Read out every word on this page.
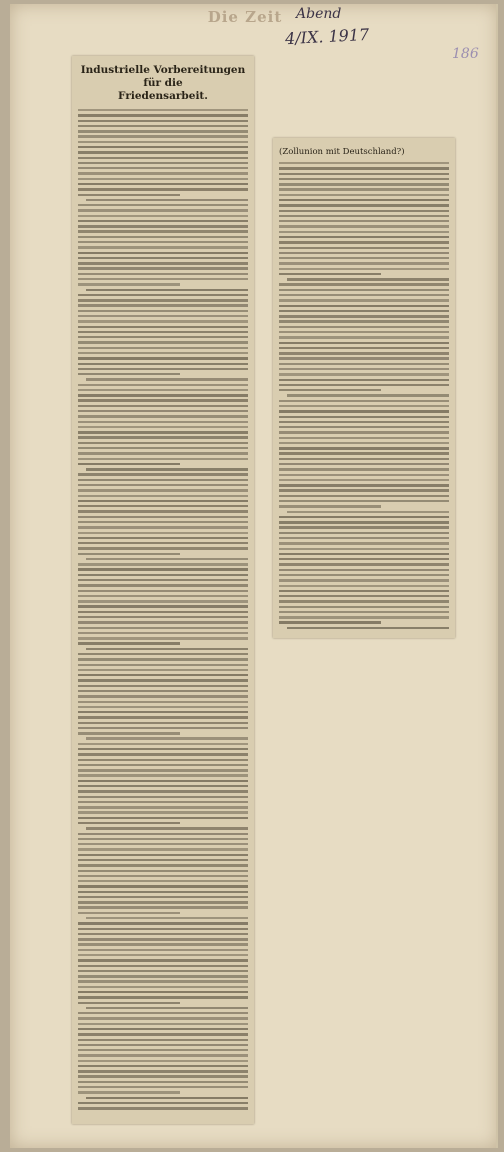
Die Zeit Abend
4/IX. 1917
186
Industrielle Vorbereitungen für die
Friedensarbeit.
(Zollunion mit Deutschland?)
